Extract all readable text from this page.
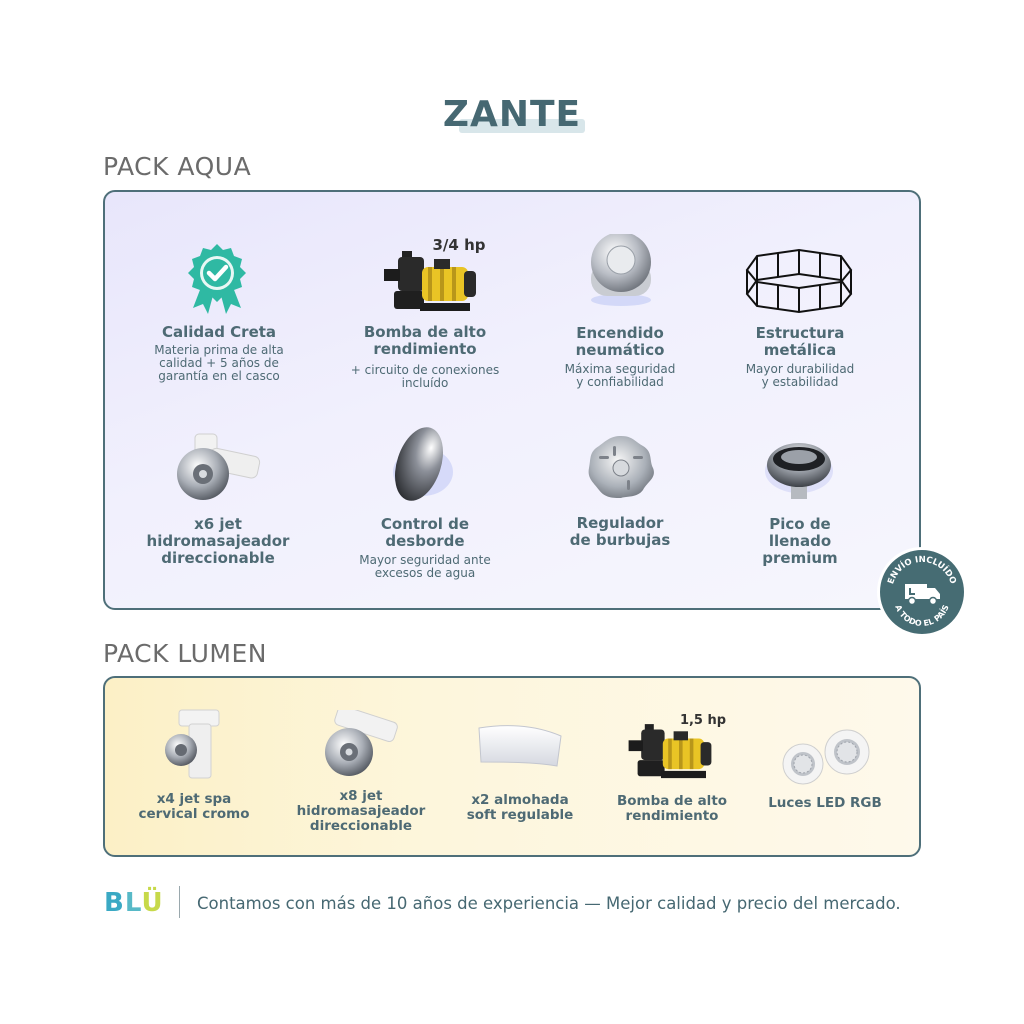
ZANTE
PACK AQUA
3/4 hp
Calidad Creta
Materia prima de alta
calidad + 5 años de
garantía en el casco
Bomba de alto
rendimiento
+ circuito de conexiones
incluído
Encendido
neumático
Máxima seguridad
y confiabilidad
Estructura
metálica
Mayor durabilidad
y estabilidad
x6 jet
hidromasajeador
direccionable
Control de
desborde
Mayor seguridad ante
excesos de agua
Regulador
de burbujas
Pico de
llenado
premium
ENVÍO INCLUÍDO
A TODO EL PAÍS
PACK LUMEN
1,5 hp
x4 jet spa
cervical cromo
x8 jet
hidromasajeador
direccionable
x2 almohada
soft regulable
Bomba de alto
rendimiento
Luces LED RGB
BLÜ Contamos con más de 10 años de experiencia — Mejor calidad y precio del mercado.
